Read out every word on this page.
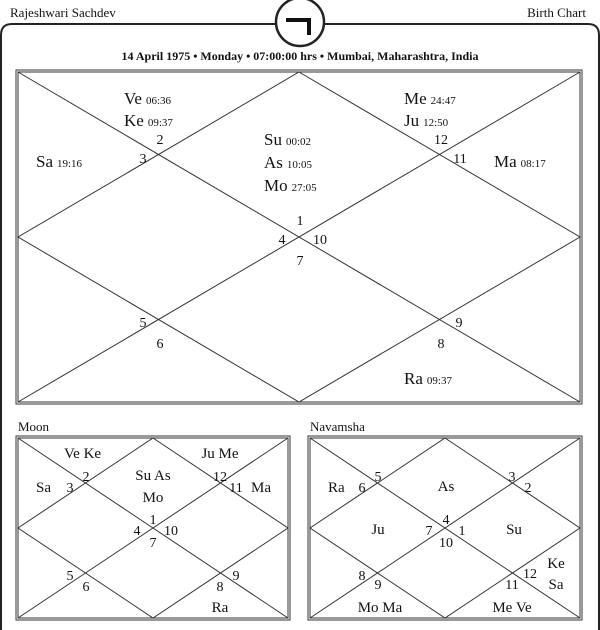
Rajeshwari Sachdev	Birth Chart
14 April 1975 • Monday • 07:00:00 hrs • Mumbai, Maharashtra, India
Su 00:02
As 10:05
Mo 27:05
1
Ve 06:36
Ke 09:37
2
Sa 19:16	3
4
5
6
7
8
Ra 09:37
9
10
11 Ma 08:17
Me 24:47
Ju 12:50
12
Moon
Su As
Mo
1
Ve Ke
2
Sa 3
4
5
6
7
8
Ra
9
10
11 Ma
Ju Me
12
Navamsha
As
4
5
Ra 6
Ju	7
8
9
Mo Ma
10
11
Me Ve
12
Su
1
Ke
Sa
2
3
